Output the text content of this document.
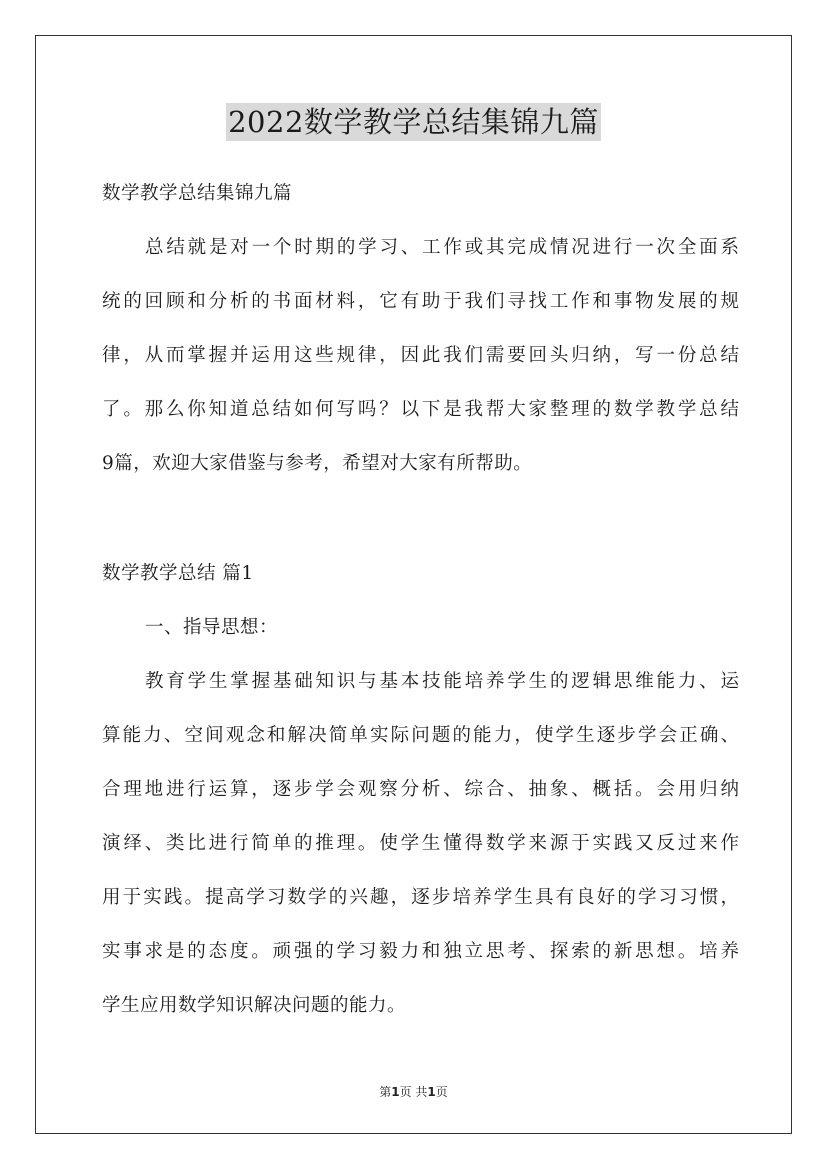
2022数学教学总结集锦九篇
数学教学总结集锦九篇
总结就是对一个时期的学习、工作或其完成情况进行一次全面系
统的回顾和分析的书面材料，它有助于我们寻找工作和事物发展的规
律，从而掌握并运用这些规律，因此我们需要回头归纳，写一份总结
了。那么你知道总结如何写吗？以下是我帮大家整理的数学教学总结
9篇，欢迎大家借鉴与参考，希望对大家有所帮助。
数学教学总结 篇1
一、指导思想：
教育学生掌握基础知识与基本技能培养学生的逻辑思维能力、运
算能力、空间观念和解决简单实际问题的能力，使学生逐步学会正确、
合理地进行运算，逐步学会观察分析、综合、抽象、概括。会用归纳
演绎、类比进行简单的推理。使学生懂得数学来源于实践又反过来作
用于实践。提高学习数学的兴趣，逐步培养学生具有良好的学习习惯，
实事求是的态度。顽强的学习毅力和独立思考、探索的新思想。培养
学生应用数学知识解决问题的能力。
第1页 共1页
